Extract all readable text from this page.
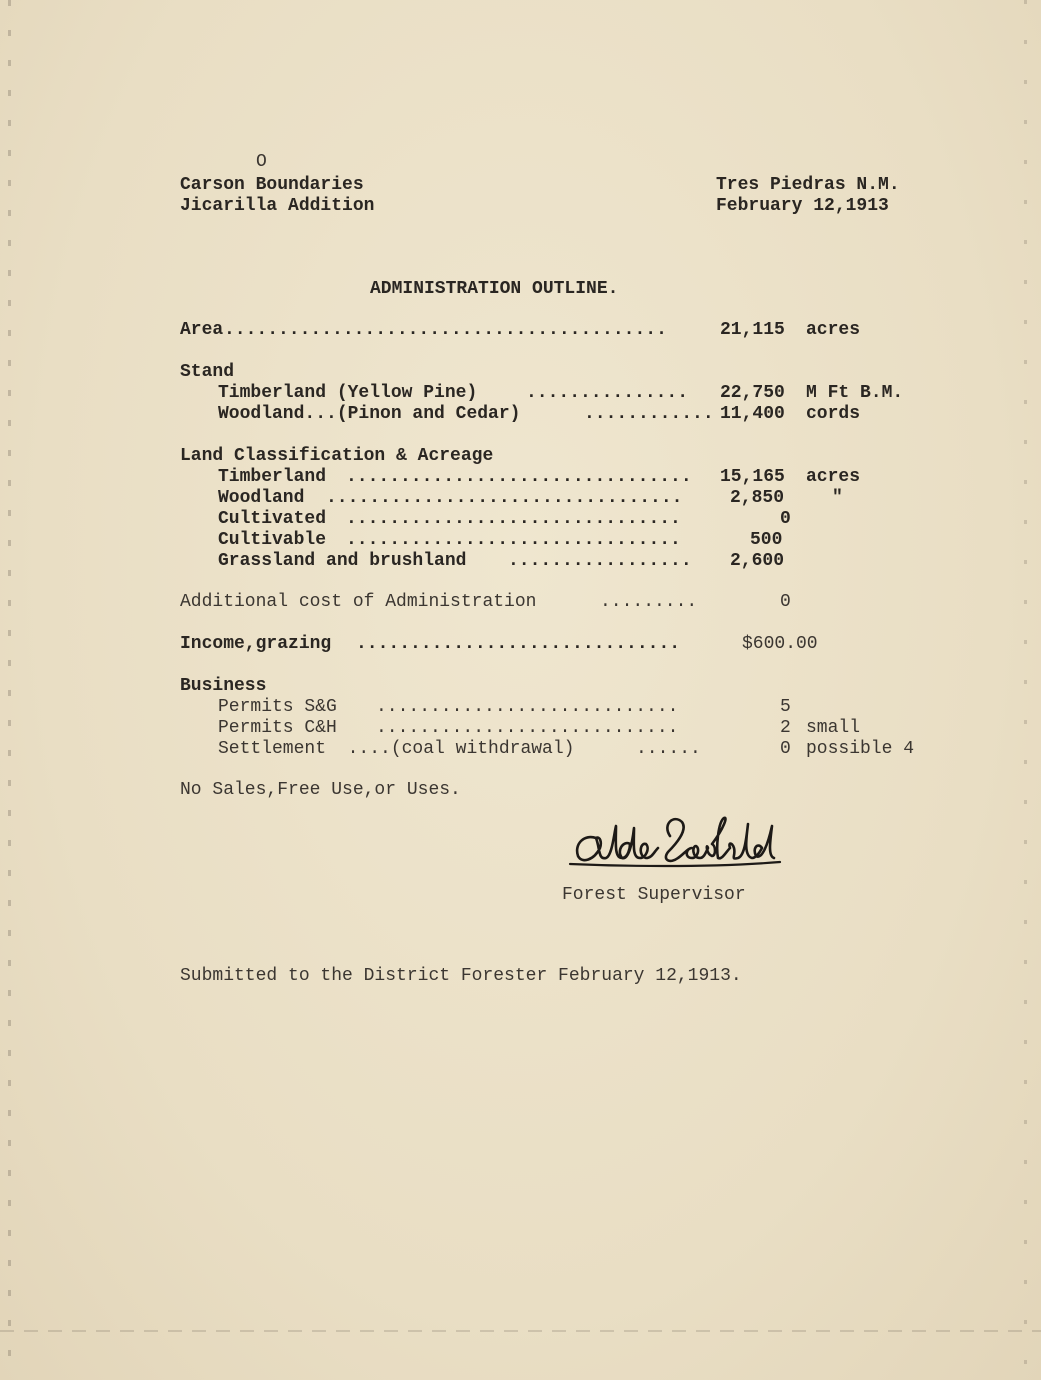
O
Carson Boundaries
Jicarilla Addition
Tres Piedras N.M.
February 12,1913
ADMINISTRATION OUTLINE.
Area .........................................	21,115 acres
Stand
Timberland (Yellow Pine)	............... 22,750 M Ft B.M.
Woodland...(Pinon and Cedar)	............ 11,400 cords
Land Classification & Acreage
Timberland ................................ 15,165 acres
Woodland .................................	2,850	"
Cultivated ...............................	0
Cultivable ...............................	500
Grassland and brushland ................. 2,600
Additional cost of Administration	.........	0
Income,grazing ..............................	$600.00
Business
Permits S&G ............................	5
Permits C&H ............................	2 small
Settlement  ....(coal withdrawal)	......	0 possible 4
No Sales,Free Use,or Uses.
Forest Supervisor
Submitted to the District Forester February 12,1913.
